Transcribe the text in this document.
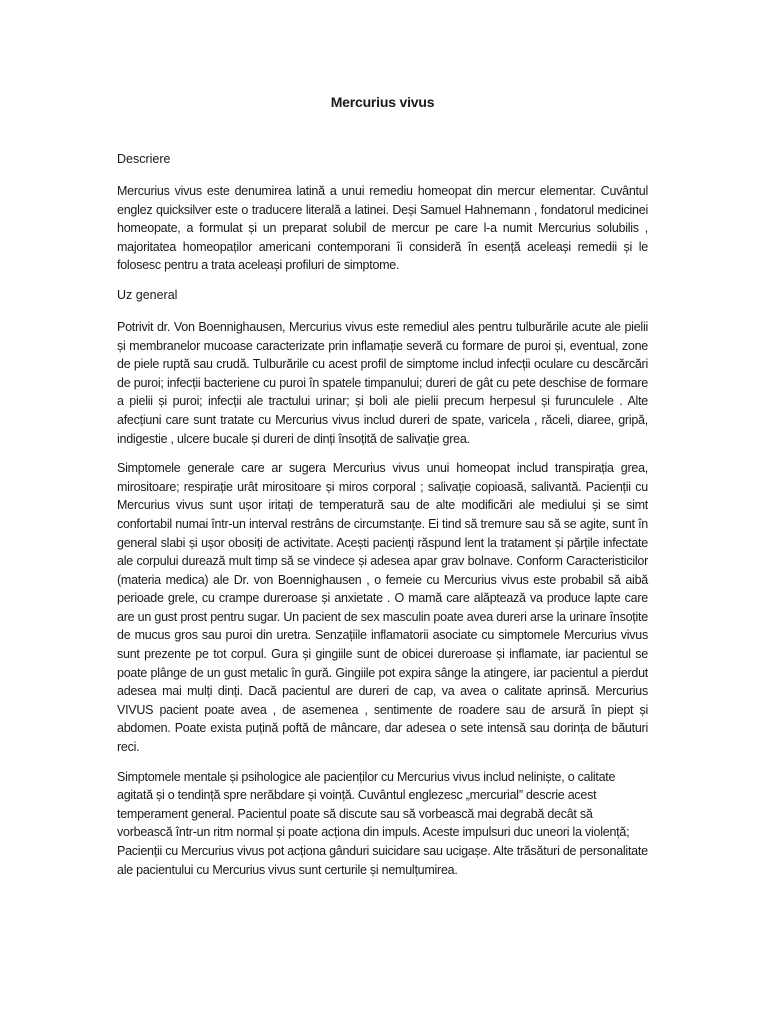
Mercurius vivus
Descriere

Mercurius vivus este denumirea latină a unui remediu homeopat din mercur elementar. Cuvântul englez quicksilver este o traducere literală a latinei. Deși Samuel Hahnemann , fondatorul medicinei homeopate, a formulat și un preparat solubil de mercur pe care l-a numit Mercurius solubilis , majoritatea homeopaților americani contemporani îi consideră în esență aceleași remedii și le folosesc pentru a trata aceleași profiluri de simptome.

Uz general

Potrivit dr. Von Boennighausen, Mercurius vivus este remediul ales pentru tulburările acute ale pielii și membranelor mucoase caracterizate prin inflamație severă cu formare de puroi și, eventual, zone de piele ruptă sau crudă. Tulburările cu acest profil de simptome includ infecții oculare cu descărcări de puroi; infecții bacteriene cu puroi în spatele timpanului; dureri de gât cu pete deschise de formare a pielii și puroi; infecții ale tractului urinar; și boli ale pielii precum herpesul și furunculele . Alte afecțiuni care sunt tratate cu Mercurius vivus includ dureri de spate, varicela , răceli, diaree, gripă, indigestie , ulcere bucale și dureri de dinți însoțită de salivație grea.

Simptomele generale care ar sugera Mercurius vivus unui homeopat includ transpirația grea, mirositoare; respirație urât mirositoare și miros corporal ; salivație copioasă, salivantă. Pacienții cu Mercurius vivus sunt ușor iritați de temperatură sau de alte modificări ale mediului și se simt confortabil numai într-un interval restrâns de circumstanțe. Ei tind să tremure sau să se agite, sunt în general slabi și ușor obosiți de activitate. Acești pacienți răspund lent la tratament și părțile infectate ale corpului durează mult timp să se vindece și adesea apar grav bolnave. Conform Caracteristicilor (materia medica) ale Dr. von Boennighausen , o femeie cu Mercurius vivus este probabil să aibă perioade grele, cu crampe dureroase și anxietate . O mamă care alăptează va produce lapte care are un gust prost pentru sugar. Un pacient de sex masculin poate avea dureri arse la urinare însoțite de mucus gros sau puroi din uretra. Senzațiile inflamatorii asociate cu simptomele Mercurius vivus sunt prezente pe tot corpul. Gura și gingiile sunt de obicei dureroase și inflamate, iar pacientul se poate plânge de un gust metalic în gură. Gingiile pot expira sânge la atingere, iar pacientul a pierdut adesea mai mulți dinți. Dacă pacientul are dureri de cap, va avea o calitate aprinsă. Mercurius VIVUS pacient poate avea , de asemenea , sentimente de roadere sau de arsură în piept și abdomen. Poate exista puțină poftă de mâncare, dar adesea o sete intensă sau dorința de băuturi reci.

Simptomele mentale și psihologice ale pacienților cu Mercurius vivus includ neliniște, o calitate agitată și o tendință spre nerăbdare și voință. Cuvântul englezesc „mercurial” descrie acest temperament general. Pacientul poate să discute sau să vorbească mai degrabă decât să vorbească într-un ritm normal și poate acționa din impuls. Aceste impulsuri duc uneori la violență; Pacienții cu Mercurius vivus pot acționa gânduri suicidare sau ucigașe. Alte trăsături de personalitate ale pacientului cu Mercurius vivus sunt certurile și nemulțumirea.
